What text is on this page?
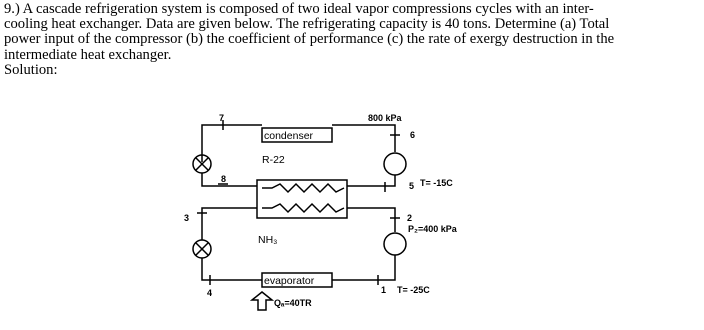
9.) A cascade refrigeration system is composed of two ideal vapor compressions cycles with an inter-

cooling heat exchanger. Data are given below. The refrigerating capacity is 40 tons. Determine (a) Total

power input of the compressor (b) the coefficient of performance (c) the rate of exergy destruction in the

intermediate heat exchanger.

Solution:

condenser
evaporator
7	800 kPa
6
R-22
8
5 T= -15C
3	2
P₂=400 kPa
NH₃
4	1 T= -25C
Qₐ=40TR
